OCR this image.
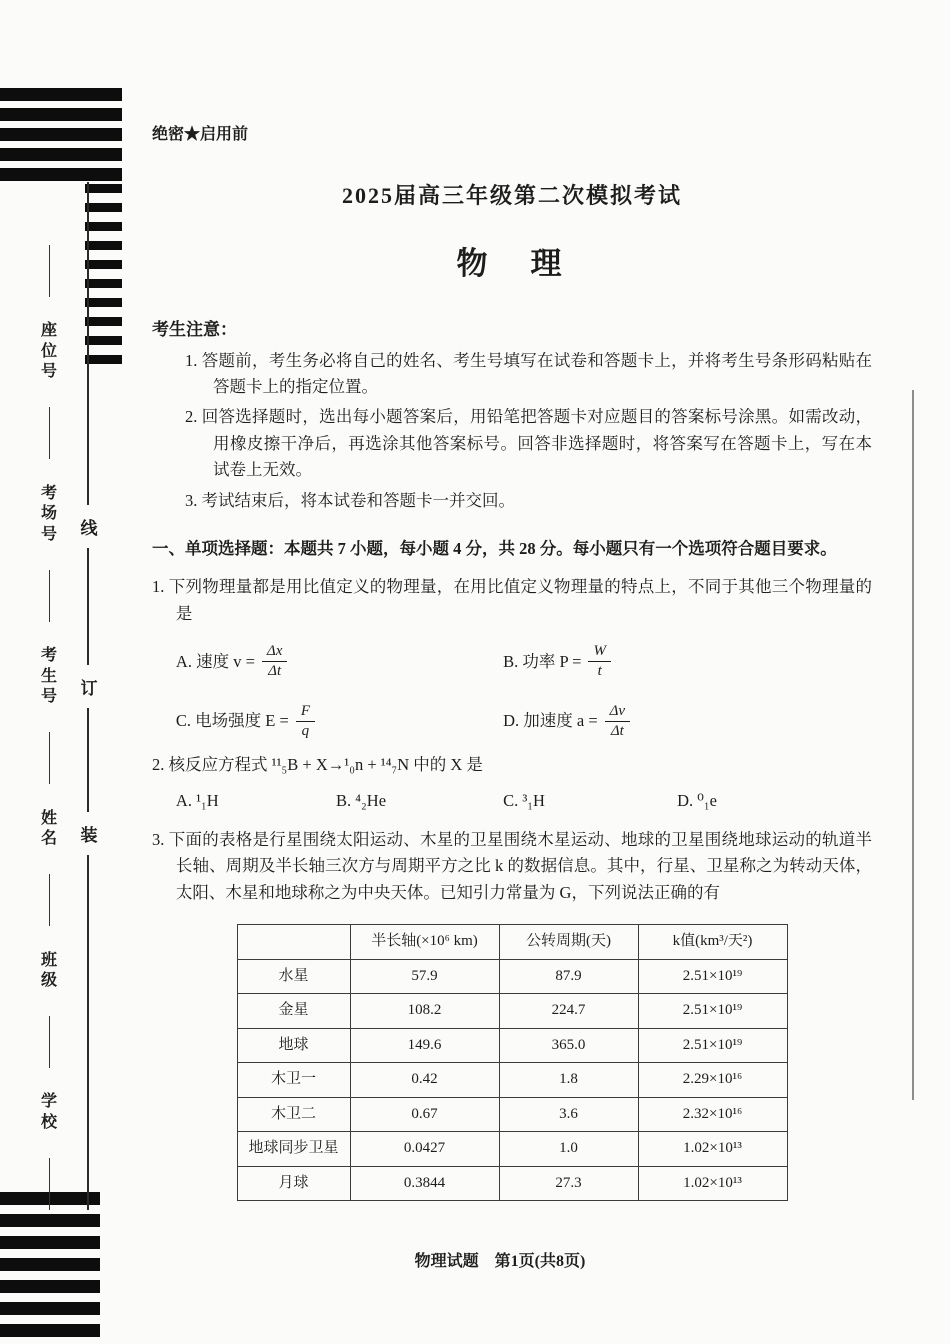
线
订
装
座位号
考场号
考生号
姓名
班级
学校
绝密★启用前
2025届高三年级第二次模拟考试
物　理
考生注意：
1. 答题前，考生务必将自己的姓名、考生号填写在试卷和答题卡上，并将考生号条形码粘贴在答题卡上的指定位置。
2. 回答选择题时，选出每小题答案后，用铅笔把答题卡对应题目的答案标号涂黑。如需改动，用橡皮擦干净后，再选涂其他答案标号。回答非选择题时，将答案写在答题卡上，写在本试卷上无效。
3. 考试结束后，将本试卷和答题卡一并交回。
一、单项选择题：本题共 7 小题，每小题 4 分，共 28 分。每小题只有一个选项符合题目要求。
1. 下列物理量都是用比值定义的物理量，在用比值定义物理量的特点上，不同于其他三个物理量的是
A. 速度 $v = \frac{\Delta x}{\Delta t}$	B. 功率 $P = \frac{W}{t}$
C. 电场强度 $E = \frac{F}{q}$	D. 加速度 $a = \frac{\Delta v}{\Delta t}$
2. 核反应方程式 ¹¹₅B + X→¹₀n + ¹⁴₇N 中的 X 是
A. ¹₁H	B. ⁴₂He	C. ³₁H	D. ⁰₁e
3. 下面的表格是行星围绕太阳运动、木星的卫星围绕木星运动、地球的卫星围绕地球运动的轨道半长轴、周期及半长轴三次方与周期平方之比 k 的数据信息。其中，行星、卫星称之为转动天体，太阳、木星和地球称之为中央天体。已知引力常量为 G，下列说法正确的有
	半长轴(×10⁶ km)	公转周期(天)	k值(km³/天²)
水星	57.9	87.9	2.51×10¹⁹
金星	108.2	224.7	2.51×10¹⁹
地球	149.6	365.0	2.51×10¹⁹
木卫一	0.42	1.8	2.29×10¹⁶
木卫二	0.67	3.6	2.32×10¹⁶
地球同步卫星	0.0427	1.0	1.02×10¹³
月球	0.3844	27.3	1.02×10¹³
物理试题　第1页(共8页)
